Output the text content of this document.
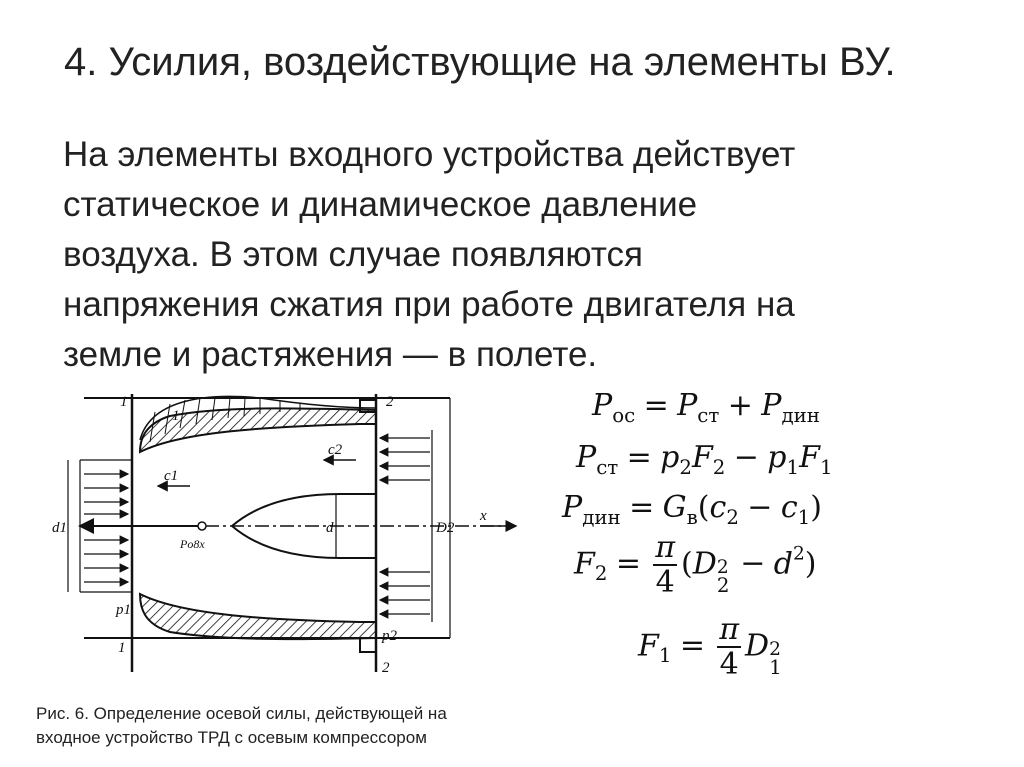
4. Усилия, воздействующие на элементы ВУ.
На элементы входного устройства действует
статическое и динамическое давление
воздуха. В этом случае появляются
напряжения сжатия при работе двигателя на
земле и растяжения — в полете.
1
1
2
2
1
c1
c2
p1
p2
d1	D2
d
x
Pо8х
Рис. 6. Определение осевой силы, действующей на
входное устройство ТРД с осевым компрессором
$P_{ос} = P_{ст} + P_{дин}$
$P_{ст} = p_2F_2 - p_1F_1$
$P_{дин} = G_в(c_2 - c_1)$
$F_2 = \frac{\pi}{4} (D$ 2
2
− $d^2$)
$F_1 = \frac{\pi}{4}$ D 2
1
